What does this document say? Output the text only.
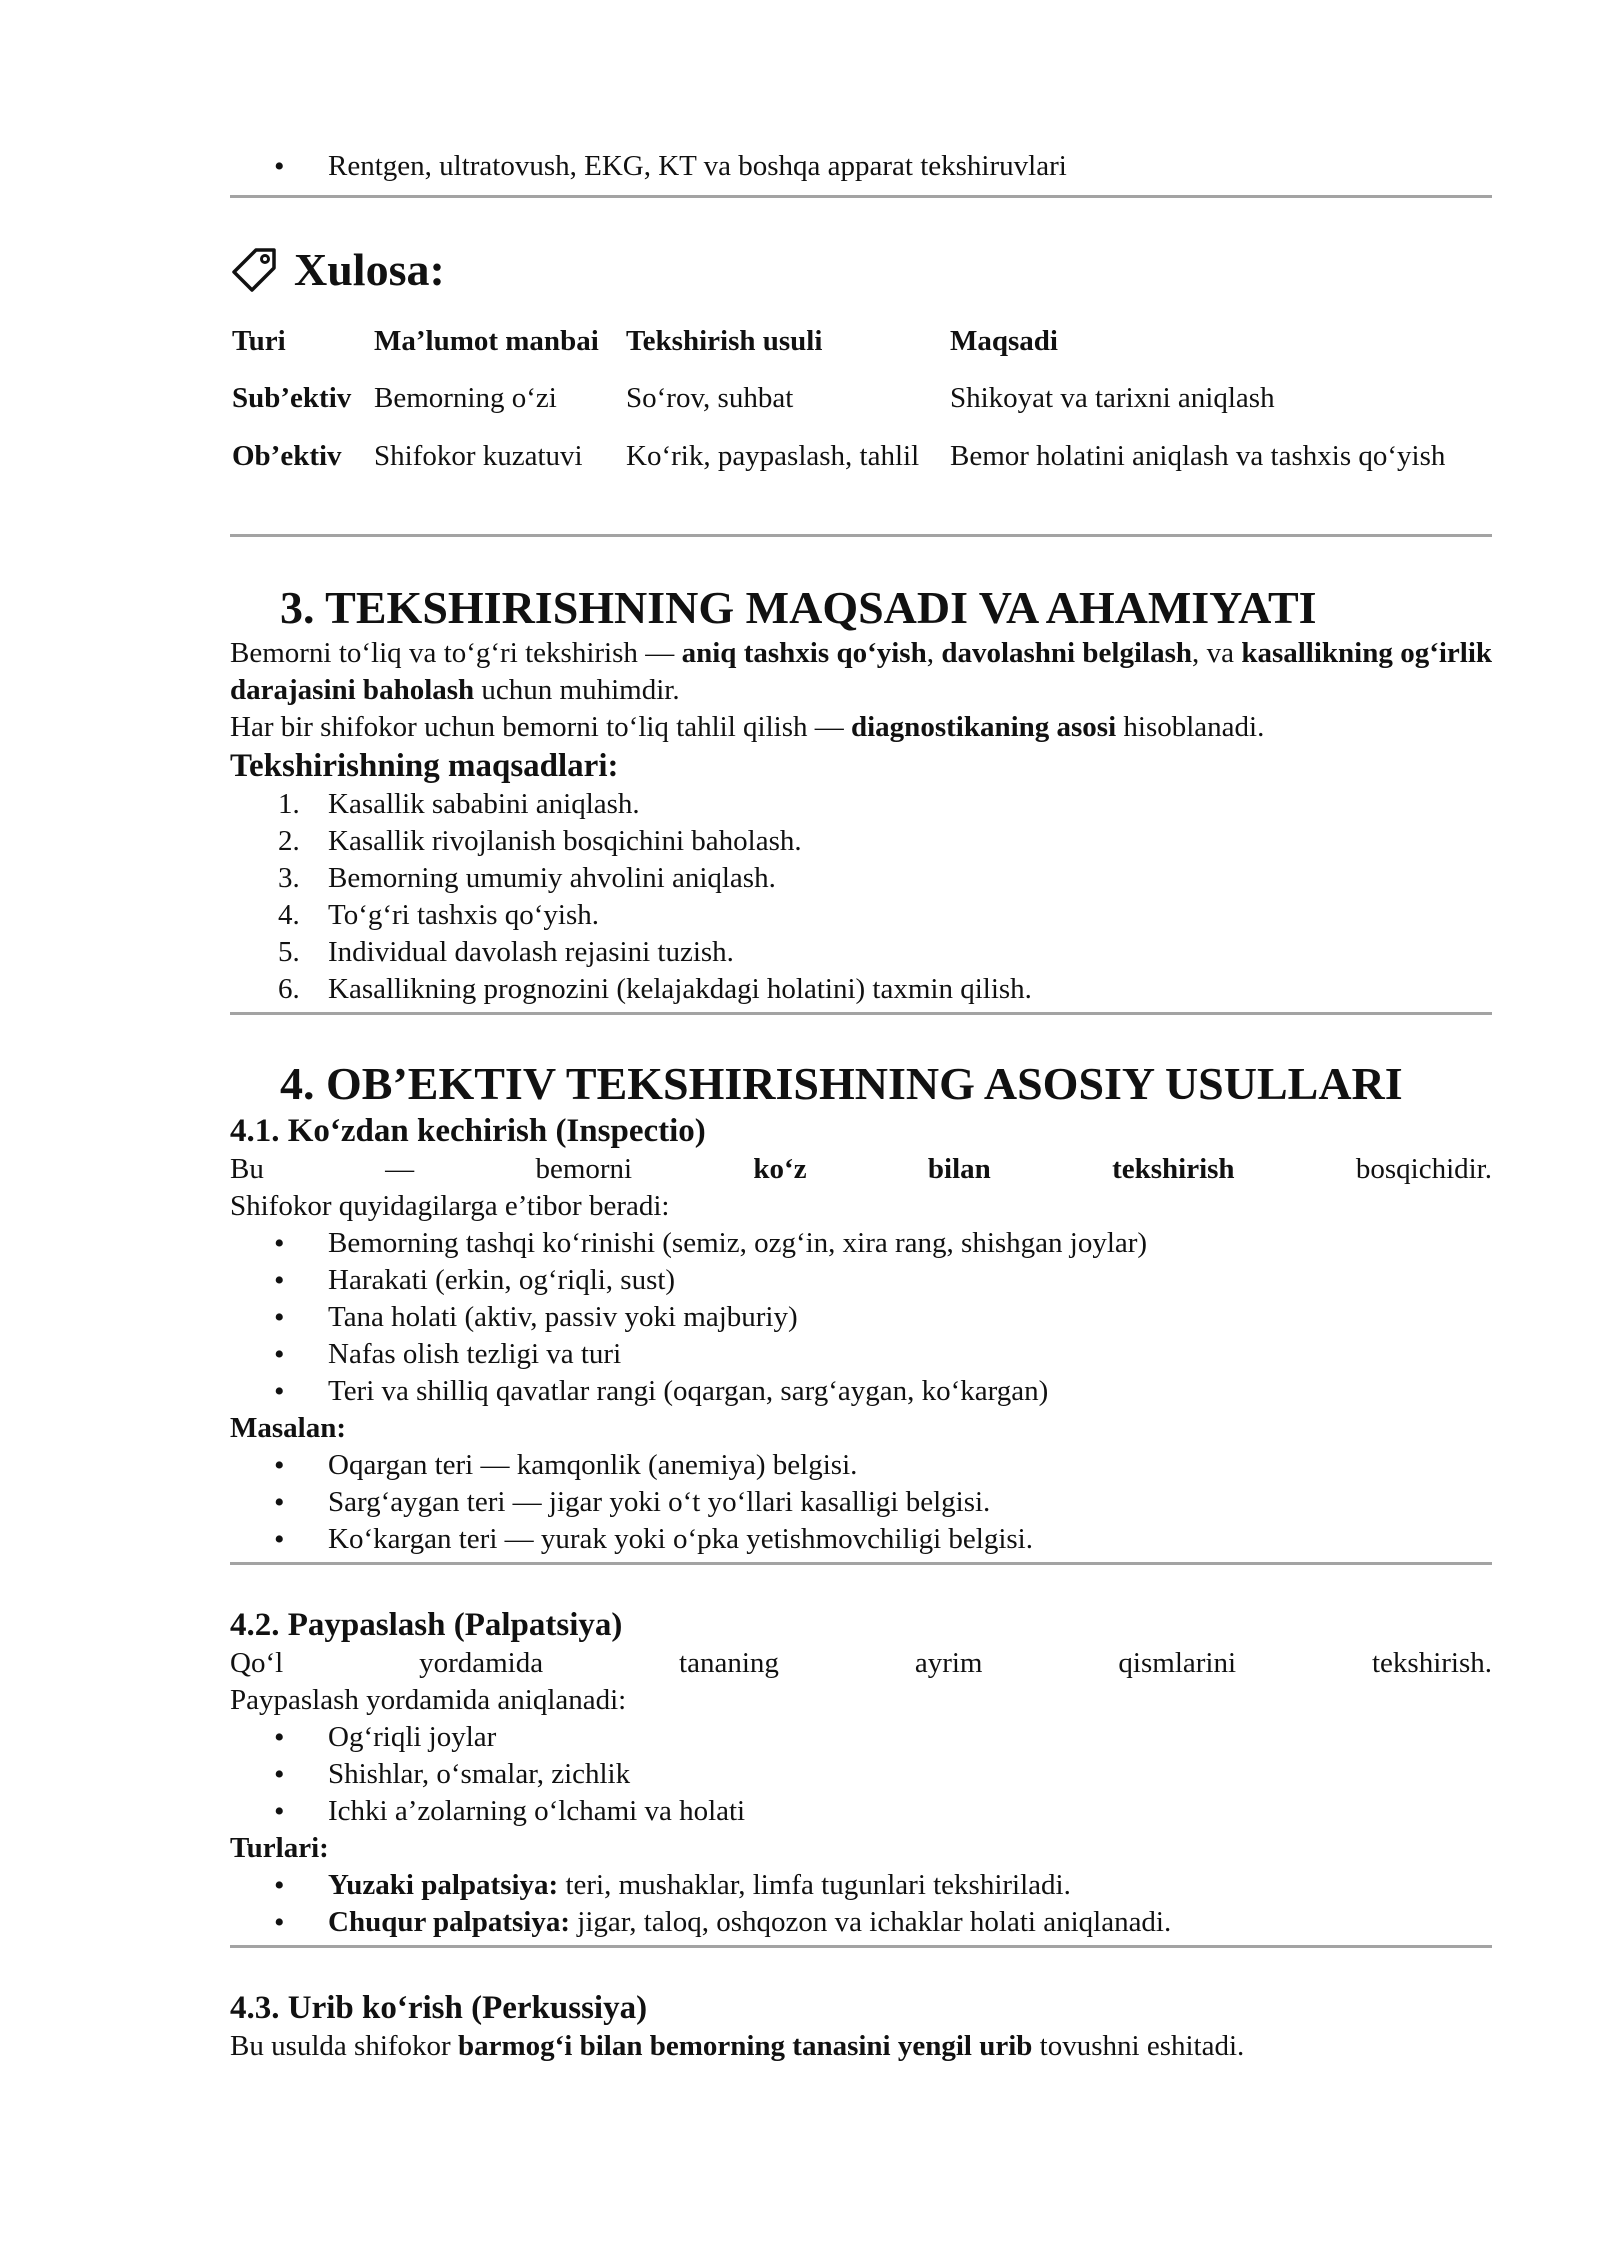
• Rentgen, ultratovush, EKG, KT va boshqa apparat tekshiruvlari
Xulosa:
Turi	Ma’lumot manbai	Tekshirish usuli	Maqsadi
Sub’ektiv	Bemorning o‘zi	So‘rov, suhbat	Shikoyat va tarixni aniqlash
Ob’ektiv	Shifokor kuzatuvi	Ko‘rik, paypaslash, tahlil	Bemor holatini aniqlash va tashxis qo‘yish
3. TEKSHIRISHNING MAQSADI VA AHAMIYATI

Bemorni to‘liq va to‘g‘ri tekshirish — aniq tashxis qo‘yish, davolashni belgilash, va kasallikning og‘irlik darajasini baholash uchun muhimdir.

Har bir shifokor uchun bemorni to‘liq tahlil qilish — diagnostikaning asosi hisoblanadi.

Tekshirishning maqsadlari:
1. Kasallik sababini aniqlash.
2. Kasallik rivojlanish bosqichini baholash.
3. Bemorning umumiy ahvolini aniqlash.
4. To‘g‘ri tashxis qo‘yish.
5. Individual davolash rejasini tuzish.
6. Kasallikning prognozini (kelajakdagi holatini) taxmin qilish.
4. OB’EKTIV TEKSHIRISHNING ASOSIY USULLARI
4.1. Ko‘zdan kechirish (Inspectio)

Bu — bemorni ko‘z bilan tekshirish bosqichidir.

Shifokor quyidagilarga e’tibor beradi:

• Bemorning tashqi ko‘rinishi (semiz, ozg‘in, xira rang, shishgan joylar)
• Harakati (erkin, og‘riqli, sust)
• Tana holati (aktiv, passiv yoki majburiy)
• Nafas olish tezligi va turi
• Teri va shilliq qavatlar rangi (oqargan, sarg‘aygan, ko‘kargan)
Masalan:
• Oqargan teri — kamqonlik (anemiya) belgisi.
• Sarg‘aygan teri — jigar yoki o‘t yo‘llari kasalligi belgisi.
• Ko‘kargan teri — yurak yoki o‘pka yetishmovchiligi belgisi.
4.2. Paypaslash (Palpatsiya)

Qo‘l yordamida tananing ayrim qismlarini tekshirish.

Paypaslash yordamida aniqlanadi:

• Og‘riqli joylar
• Shishlar, o‘smalar, zichlik
• Ichki a’zolarning o‘lchami va holati
Turlari:
• Yuzaki palpatsiya: teri, mushaklar, limfa tugunlari tekshiriladi.
• Chuqur palpatsiya: jigar, taloq, oshqozon va ichaklar holati aniqlanadi.
4.3. Urib ko‘rish (Perkussiya)

Bu usulda shifokor barmog‘i bilan bemorning tanasini yengil urib tovushni eshitadi.
